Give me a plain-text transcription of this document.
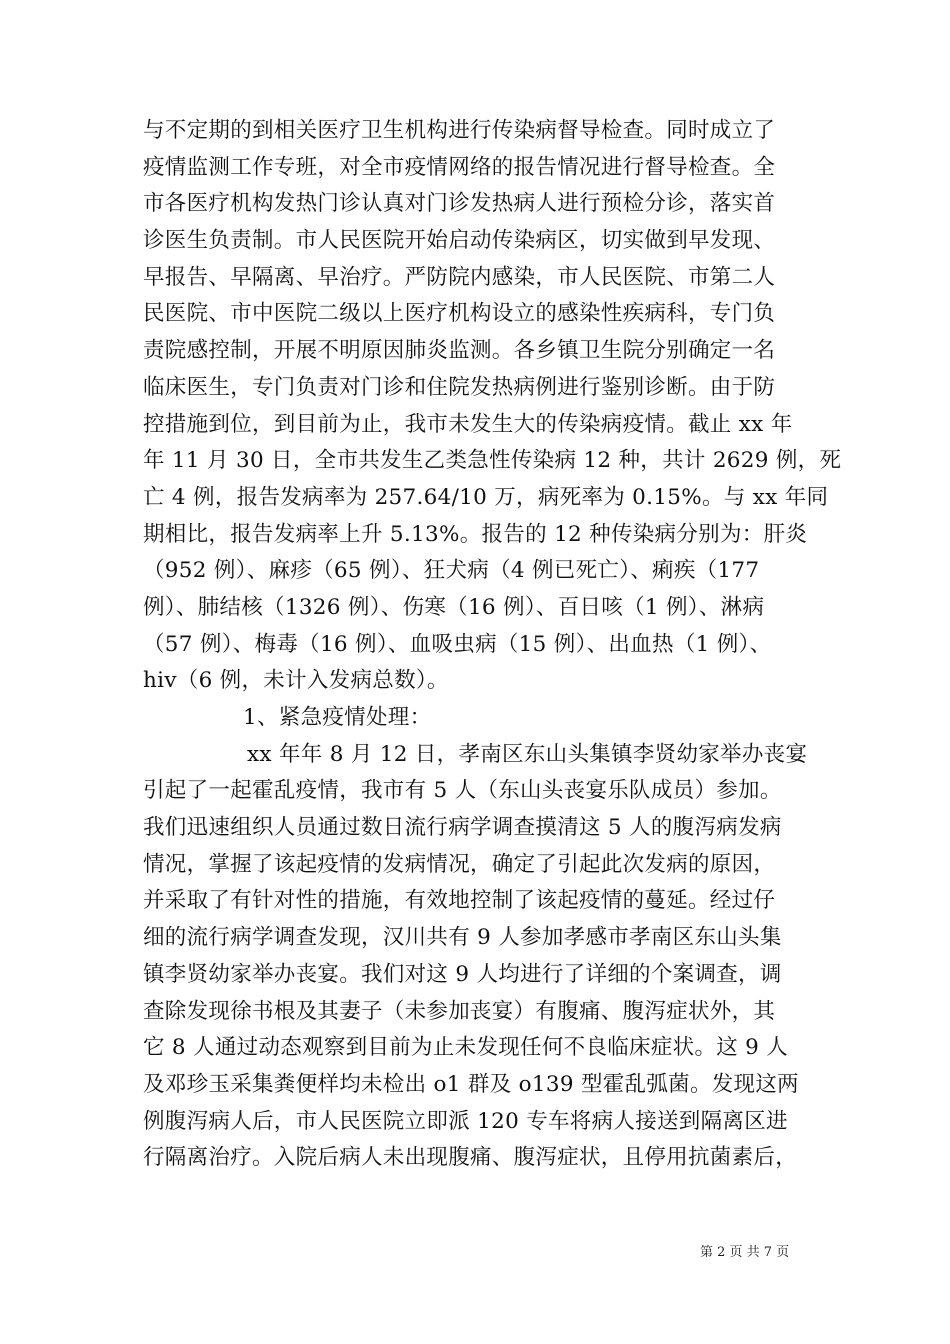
与不定期的到相关医疗卫生机构进行传染病督导检查。同时成立了
疫情监测工作专班，对全市疫情网络的报告情况进行督导检查。全
市各医疗机构发热门诊认真对门诊发热病人进行预检分诊，落实首
诊医生负责制。市人民医院开始启动传染病区，切实做到早发现、
早报告、早隔离、早治疗。严防院内感染，市人民医院、市第二人
民医院、市中医院二级以上医疗机构设立的感染性疾病科，专门负
责院感控制，开展不明原因肺炎监测。各乡镇卫生院分别确定一名
临床医生，专门负责对门诊和住院发热病例进行鉴别诊断。由于防
控措施到位，到目前为止，我市未发生大的传染病疫情。截止 xx 年
年 11 月 30 日，全市共发生乙类急性传染病 12 种，共计 2629 例，死
亡 4 例，报告发病率为 257.64/10 万，病死率为 0.15%。与 xx 年同
期相比，报告发病率上升 5.13%。报告的 12 种传染病分别为：肝炎
（952 例）、麻疹（65 例）、狂犬病（4 例已死亡）、痢疾（177
例）、肺结核（1326 例）、伤寒（16 例）、百日咳（1 例）、淋病
（57 例）、梅毒（16 例）、血吸虫病（15 例）、出血热（1 例）、
hiv（6 例，未计入发病总数）。
1、紧急疫情处理：
xx 年年 8 月 12 日，孝南区东山头集镇李贤幼家举办丧宴
引起了一起霍乱疫情，我市有 5 人（东山头丧宴乐队成员）参加。
我们迅速组织人员通过数日流行病学调查摸清这 5 人的腹泻病发病
情况，掌握了该起疫情的发病情况，确定了引起此次发病的原因，
并采取了有针对性的措施，有效地控制了该起疫情的蔓延。经过仔
细的流行病学调查发现，汉川共有 9 人参加孝感市孝南区东山头集
镇李贤幼家举办丧宴。我们对这 9 人均进行了详细的个案调查，调
查除发现徐书根及其妻子（未参加丧宴）有腹痛、腹泻症状外，其
它 8 人通过动态观察到目前为止未发现任何不良临床症状。这 9 人
及邓珍玉采集粪便样均未检出 o1 群及 o139 型霍乱弧菌。发现这两
例腹泻病人后，市人民医院立即派 120 专车将病人接送到隔离区进
行隔离治疗。入院后病人未出现腹痛、腹泻症状，且停用抗菌素后，
第 2 页 共 7 页
